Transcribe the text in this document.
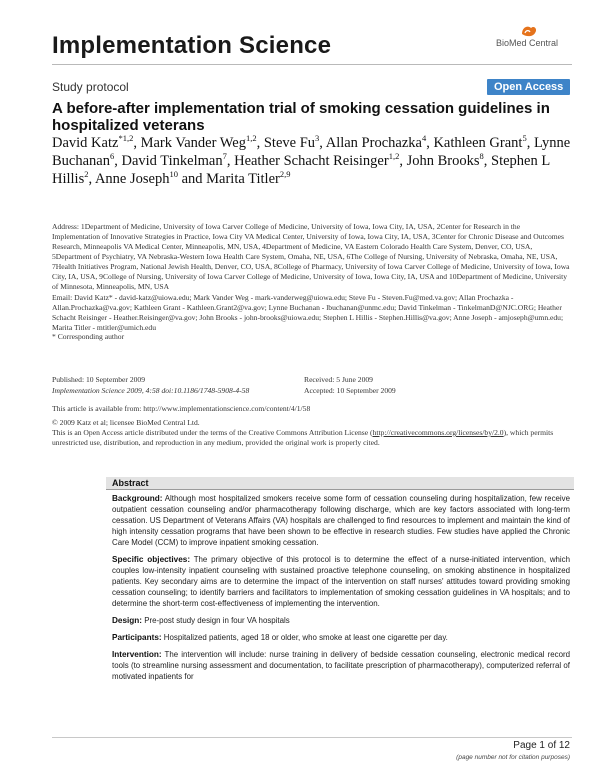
Implementation Science	BioMed Central
Study protocol	Open Access
A before-after implementation trial of smoking cessation guidelines in hospitalized veterans
David Katz$^{*1,2}$, Mark Vander Weg$^{1,2}$, Steve Fu$^3$, Allan Prochazka$^4$, Kathleen Grant$^5$, Lynne Buchanan$^6$, David Tinkelman$^7$, Heather Schacht Reisinger$^{1,2}$, John Brooks$^8$, Stephen L Hillis$^2$, Anne Joseph$^{10}$ and Marita Titler$^{2,9}$
Address: 1Department of Medicine, University of Iowa Carver College of Medicine, University of Iowa, Iowa City, IA, USA, 2Center for Research in the Implementation of Innovative Strategies in Practice, Iowa City VA Medical Center, University of Iowa, Iowa City, IA, USA, 3Center for Chronic Disease and Outcomes Research, Minneapolis VA Medical Center, Minneapolis, MN, USA, 4Department of Medicine, VA Eastern Colorado Health Care System, Denver, CO, USA, 5Department of Psychiatry, VA Nebraska-Western Iowa Health Care System, Omaha, NE, USA, 6The College of Nursing, University of Nebraska, Omaha, NE, USA, 7Health Initiatives Program, National Jewish Health, Denver, CO, USA, 8College of Pharmacy, University of Iowa Carver College of Medicine, University of Iowa, Iowa City, IA, USA, 9College of Nursing, University of Iowa Carver College of Medicine, University of Iowa, Iowa City, IA, USA and 10Department of Medicine, University of Minnesota, Minneapolis, MN, USA
Email: David Katz* - david-katz@uiowa.edu; Mark Vander Weg - mark-vanderweg@uiowa.edu; Steve Fu - Steven.Fu@med.va.gov; Allan Prochazka - Allan.Prochazka@va.gov; Kathleen Grant - Kathleen.Grant2@va.gov; Lynne Buchanan - lbuchanan@unmc.edu; David Tinkelman - TinkelmanD@NJC.ORG; Heather Schacht Reisinger - Heather.Reisinger@va.gov; John Brooks - john-brooks@uiowa.edu; Stephen L Hillis - Stephen.Hillis@va.gov; Anne Joseph - amjoseph@umn.edu; Marita Titler - mtitler@umich.edu
* Corresponding author
Published: 10 September 2009
Implementation Science 2009, 4:58 doi:10.1186/1748-5908-4-58
Received: 5 June 2009
Accepted: 10 September 2009
This article is available from: http://www.implementationscience.com/content/4/1/58
© 2009 Katz et al; licensee BioMed Central Ltd.
This is an Open Access article distributed under the terms of the Creative Commons Attribution License (http://creativecommons.org/licenses/by/2.0), which permits unrestricted use, distribution, and reproduction in any medium, provided the original work is properly cited.
Abstract

Background: Although most hospitalized smokers receive some form of cessation counseling during hospitalization, few receive outpatient cessation counseling and/or pharmacotherapy following discharge, which are key factors associated with long-term cessation. US Department of Veterans Affairs (VA) hospitals are challenged to find resources to implement and maintain the kind of high intensity cessation programs that have been shown to be effective in research studies. Few studies have applied the Chronic Care Model (CCM) to improve inpatient smoking cessation.

Specific objectives: The primary objective of this protocol is to determine the effect of a nurse-initiated intervention, which couples low-intensity inpatient counseling with sustained proactive telephone counseling, on smoking abstinence in hospitalized patients. Key secondary aims are to determine the impact of the intervention on staff nurses' attitudes toward providing smoking cessation counseling; to identify barriers and facilitators to implementation of smoking cessation guidelines in VA hospitals; and to determine the short-term cost-effectiveness of implementing the intervention.

Design: Pre-post study design in four VA hospitals

Participants: Hospitalized patients, aged 18 or older, who smoke at least one cigarette per day.

Intervention: The intervention will include: nurse training in delivery of bedside cessation counseling, electronic medical record tools (to streamline nursing assessment and documentation, to facilitate prescription of pharmacotherapy), computerized referral of motivated inpatients for

Page 1 of 12
(page number not for citation purposes)
